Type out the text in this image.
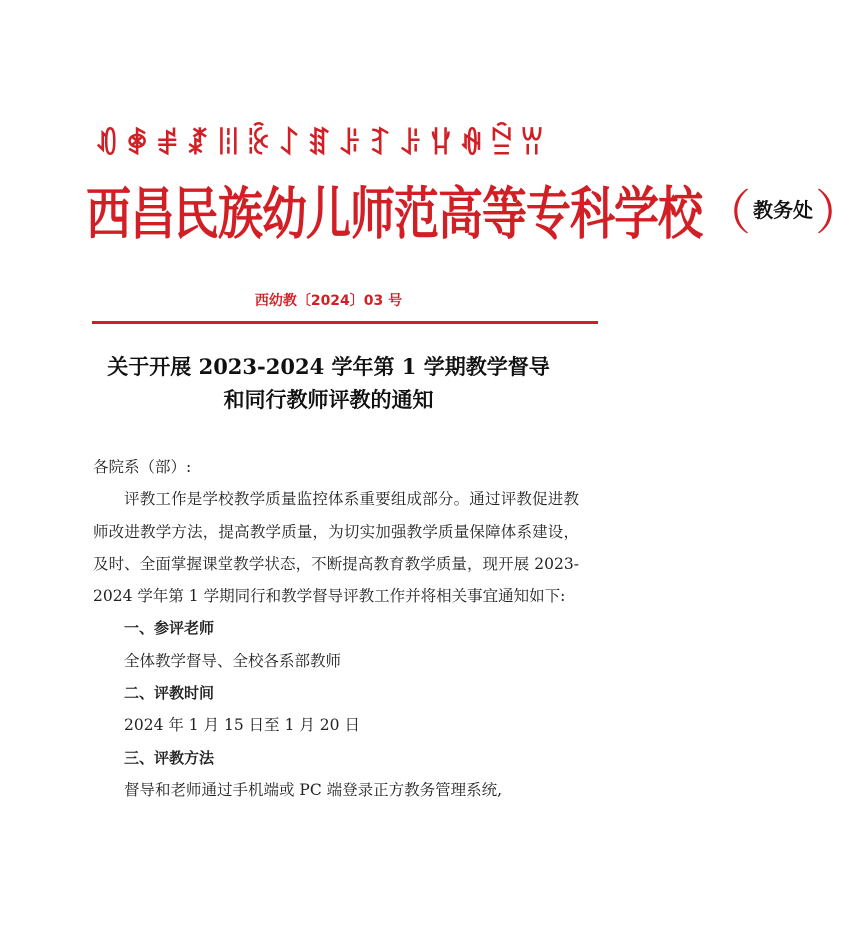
ꀒ ꑸ ꂱ ꊨ ꈨ ꊬ ꋍ ꏤ ꌠ ꆈ ꌠ ꃚ ꊿ ꊁ ꀕ
西昌民族幼儿师范高等专科学校 （ 教务处 ）
西幼教〔2024〕03 号
关于开展 2023-2024 学年第 1 学期教学督导
和同行教师评教的通知

各院系（部）:

评教工作是学校教学质量监控体系重要组成部分。通过评教促进教师改进教学方法，提高教学质量，为切实加强教学质量保障体系建设，及时、全面掌握课堂教学状态，不断提高教育教学质量，现开展 2023-2024 学年第 1 学期同行和教学督导评教工作并将相关事宜通知如下:

一、参评老师

全体教学督导、全校各系部教师

二、评教时间

2024 年 1 月 15 日至 1 月 20 日

三、评教方法

督导和老师通过手机端或 PC 端登录正方教务管理系统,
